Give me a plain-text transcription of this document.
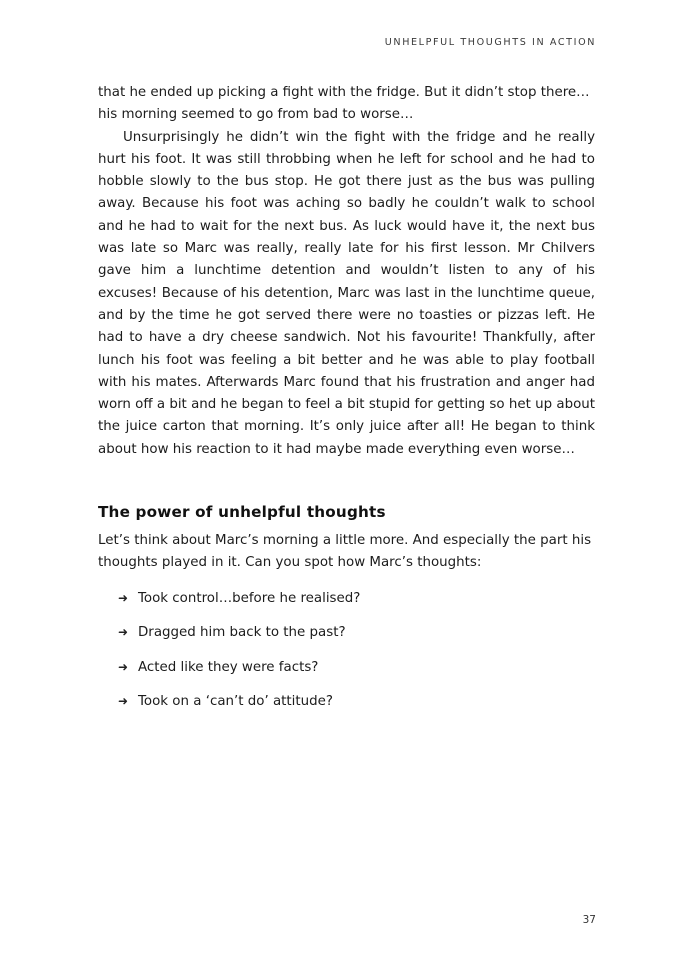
UNHELPFUL THOUGHTS IN ACTION

that he ended up picking a fight with the fridge. But it didn’t stop there… his morning seemed to go from bad to worse…

Unsurprisingly he didn’t win the fight with the fridge and he really hurt his foot. It was still throbbing when he left for school and he had to hobble slowly to the bus stop. He got there just as the bus was pulling away. Because his foot was aching so badly he couldn’t walk to school and he had to wait for the next bus. As luck would have it, the next bus was late so Marc was really, really late for his first lesson. Mr Chilvers gave him a lunchtime detention and wouldn’t listen to any of his excuses! Because of his detention, Marc was last in the lunchtime queue, and by the time he got served there were no toasties or pizzas left. He had to have a dry cheese sandwich. Not his favourite! Thankfully, after lunch his foot was feeling a bit better and he was able to play football with his mates. Afterwards Marc found that his frustration and anger had worn off a bit and he began to feel a bit stupid for getting so het up about the juice carton that morning. It’s only juice after all! He began to think about how his reaction to it had maybe made everything even worse…

The power of unhelpful thoughts

Let’s think about Marc’s morning a little more. And especially the part his thoughts played in it. Can you spot how Marc’s thoughts:

➜ Took control…before he realised?
➜ Dragged him back to the past?
➜ Acted like they were facts?
➜ Took on a ‘can’t do’ attitude?
37
